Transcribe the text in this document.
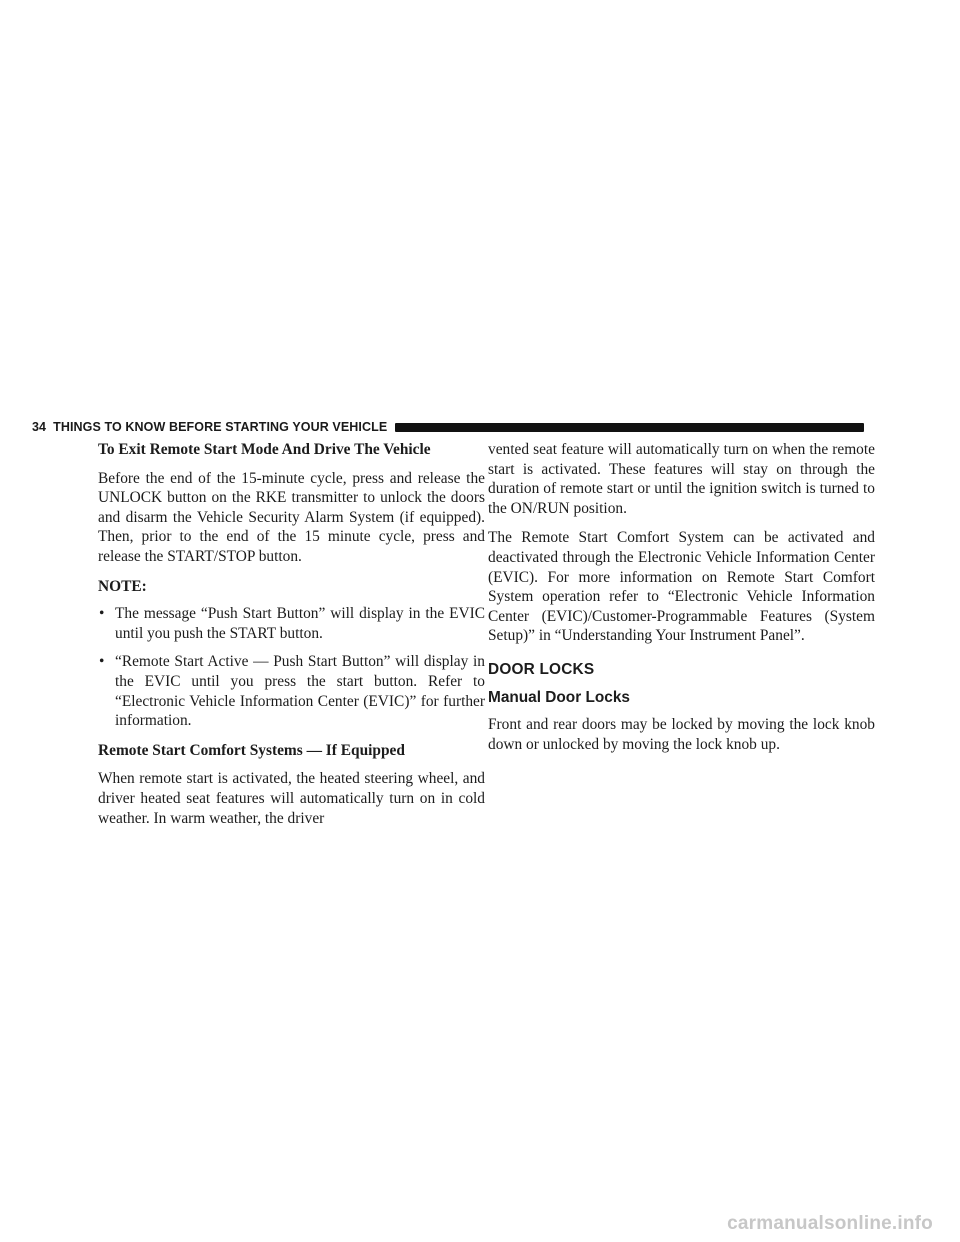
34 THINGS TO KNOW BEFORE STARTING YOUR VEHICLE
To Exit Remote Start Mode And Drive The Vehicle

Before the end of the 15-minute cycle, press and release the UNLOCK button on the RKE transmitter to unlock the doors and disarm the Vehicle Security Alarm System (if equipped). Then, prior to the end of the 15 minute cycle, press and release the START/STOP button.

NOTE:
• The message “Push Start Button” will display in the EVIC until you push the START button.
• “Remote Start Active — Push Start Button” will display in the EVIC until you press the start button. Refer to “Electronic Vehicle Information Center (EVIC)” for further information.
Remote Start Comfort Systems — If Equipped

When remote start is activated, the heated steering wheel, and driver heated seat features will automatically turn on in cold weather. In warm weather, the driver

vented seat feature will automatically turn on when the remote start is activated. These features will stay on through the duration of remote start or until the ignition switch is turned to the ON/RUN position.

The Remote Start Comfort System can be activated and deactivated through the Electronic Vehicle Information Center (EVIC). For more information on Remote Start Comfort System operation refer to “Electronic Vehicle Information Center (EVIC)/Customer-Programmable Features (System Setup)” in “Understanding Your Instrument Panel”.

DOOR LOCKS
Manual Door Locks

Front and rear doors may be locked by moving the lock knob down or unlocked by moving the lock knob up.

carmanualsonline.info
